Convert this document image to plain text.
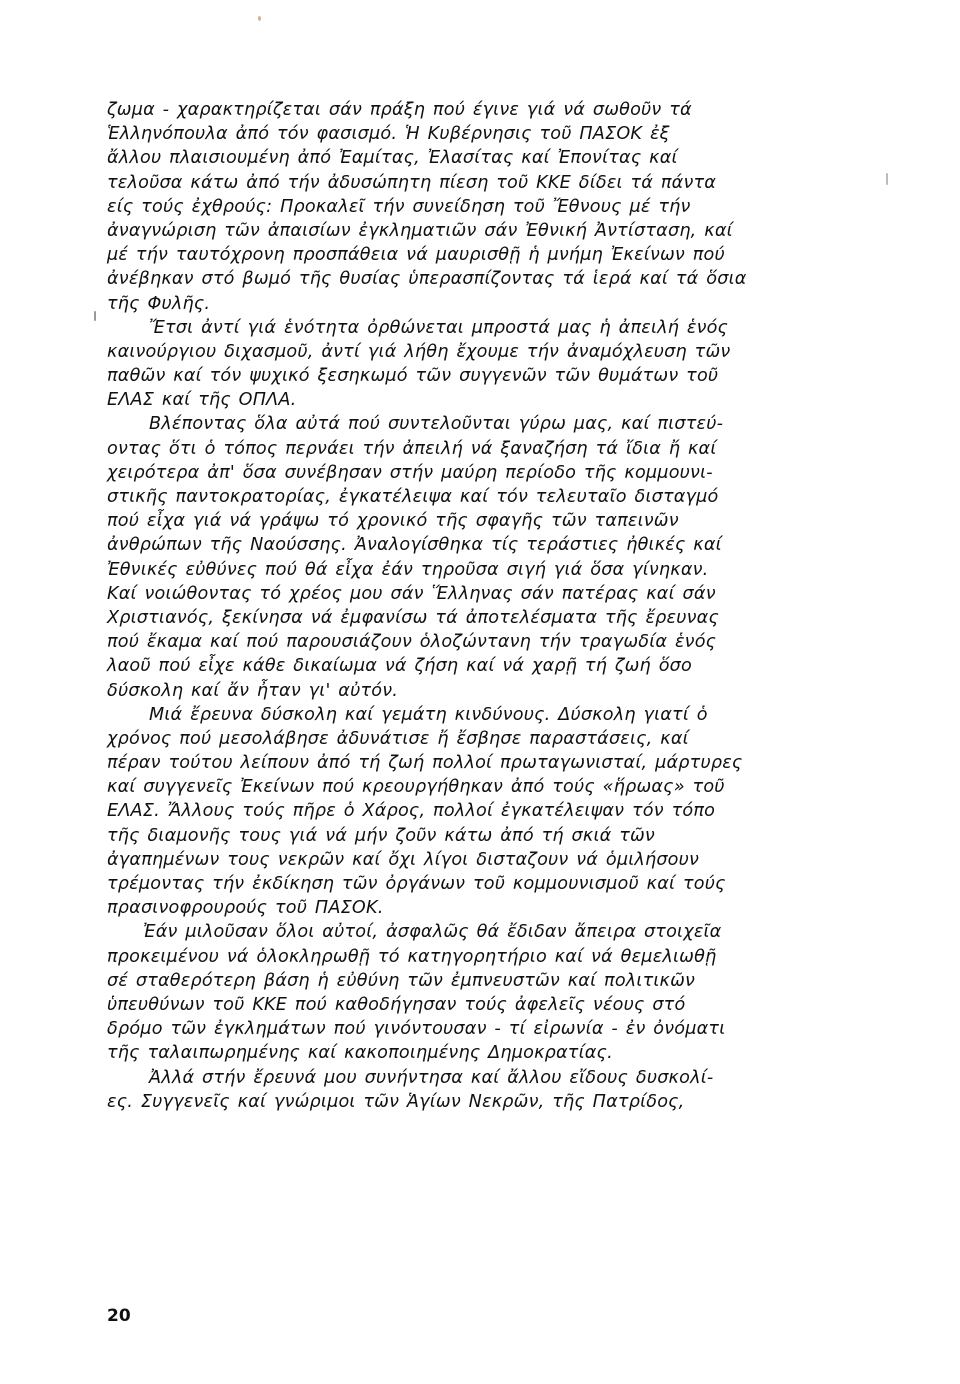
ζωμα - χαρακτηρίζεται σάν πράξη πού έγινε γιά νά σωθοῦν τά
Ἑλληνόπουλα ἀπό τόν φασισμό. Ἡ Κυβέρνησις τοῦ ΠΑΣΟΚ ἐξ
ἄλλου πλαισιουμένη ἀπό Ἐαμίτας, Ἐλασίτας καί Ἐπονίτας καί
τελοῦσα κάτω ἀπό τήν ἀδυσώπητη πίεση τοῦ ΚΚΕ δίδει τά πάντα
είς τούς ἐχθρούς: Προκαλεῖ τήν συνείδηση τοῦ Ἔθνους μέ τήν
ἀναγνώριση τῶν ἀπαισίων ἐγκληματιῶν σάν Ἐθνική Ἀντίσταση, καί
μέ τήν ταυτόχρονη προσπάθεια νά μαυρισθῇ ἡ μνήμη Ἐκείνων πού
ἀνέβηκαν στό βωμό τῆς θυσίας ὑπερασπίζοντας τά ἱερά καί τά ὅσια
τῆς Φυλῆς.
Ἔτσι ἀντί γιά ἑνότητα ὀρθώνεται μπροστά μας ἡ ἀπειλή ἑνός
καινούργιου διχασμοῦ, ἀντί γιά λήθη ἔχουμε τήν ἀναμόχλευση τῶν
παθῶν καί τόν ψυχικό ξεσηκωμό τῶν συγγενῶν τῶν θυμάτων τοῦ
ΕΛΑΣ καί τῆς ΟΠΛΑ.
Βλέποντας ὅλα αὐτά πού συντελοῦνται γύρω μας, καί πιστεύ-
οντας ὅτι ὁ τόπος περνάει τήν ἀπειλή νά ξαναζήση τά ἴδια ἤ καί
χειρότερα ἀπ' ὅσα συνέβησαν στήν μαύρη περίοδο τῆς κομμουνι-
στικῆς παντοκρατορίας, ἐγκατέλειψα καί τόν τελευταῖο δισταγμό
πού εἶχα γιά νά γράψω τό χρονικό τῆς σφαγῆς τῶν ταπεινῶν
ἀνθρώπων τῆς Ναούσσης. Ἀναλογίσθηκα τίς τεράστιες ἠθικές καί
Ἐθνικές εὐθύνες πού θά εἶχα ἐάν τηροῦσα σιγή γιά ὅσα γίνηκαν.
Καί νοιώθοντας τό χρέος μου σάν Ἕλληνας σάν πατέρας καί σάν
Χριστιανός, ξεκίνησα νά ἐμφανίσω τά ἀποτελέσματα τῆς ἔρευνας
πού ἔκαμα καί πού παρουσιάζουν ὁλοζώντανη τήν τραγωδία ἑνός
λαοῦ πού εἶχε κάθε δικαίωμα νά ζήση καί νά χαρῇ τή ζωή ὅσο
δύσκολη καί ἄν ἦταν γι' αὐτόν.
Μιά ἔρευνα δύσκολη καί γεμάτη κινδύνους. Δύσκολη γιατί ὁ
χρόνος πού μεσολάβησε ἀδυνάτισε ἤ ἔσβησε παραστάσεις, καί
πέραν τούτου λείπουν ἀπό τή ζωή πολλοί πρωταγωνισταί, μάρτυρες
καί συγγενεῖς Ἐκείνων πού κρεουργήθηκαν ἀπό τούς «ἥρωας» τοῦ
ΕΛΑΣ. Ἄλλους τούς πῆρε ὁ Χάρος, πολλοί ἐγκατέλειψαν τόν τόπο
τῆς διαμονῆς τους γιά νά μήν ζοῦν κάτω ἀπό τή σκιά τῶν
ἀγαπημένων τους νεκρῶν καί ὄχι λίγοι δισταζουν νά ὁμιλήσουν
τρέμοντας τήν ἐκδίκηση τῶν ὀργάνων τοῦ κομμουνισμοῦ καί τούς
πρασινοφρουρούς τοῦ ΠΑΣΟΚ.
Ἐάν μιλοῦσαν ὅλοι αὐτοί, ἀσφαλῶς θά ἔδιδαν ἄπειρα στοιχεῖα
προκειμένου νά ὁλοκληρωθῇ τό κατηγορητήριο καί νά θεμελιωθῇ
σέ σταθερότερη βάση ἡ εὐθύνη τῶν ἐμπνευστῶν καί πολιτικῶν
ὑπευθύνων τοῦ ΚΚΕ πού καθοδήγησαν τούς ἀφελεῖς νέους στό
δρόμο τῶν ἐγκλημάτων πού γινόντουσαν - τί εἰρωνία - ἐν ὀνόματι
τῆς ταλαιπωρημένης καί κακοποιημένης Δημοκρατίας.
Ἀλλά στήν ἔρευνά μου συνήντησα καί ἄλλου εἴδους δυσκολί-
ες. Συγγενεῖς καί γνώριμοι τῶν Ἁγίων Νεκρῶν, τῆς Πατρίδος,
20
